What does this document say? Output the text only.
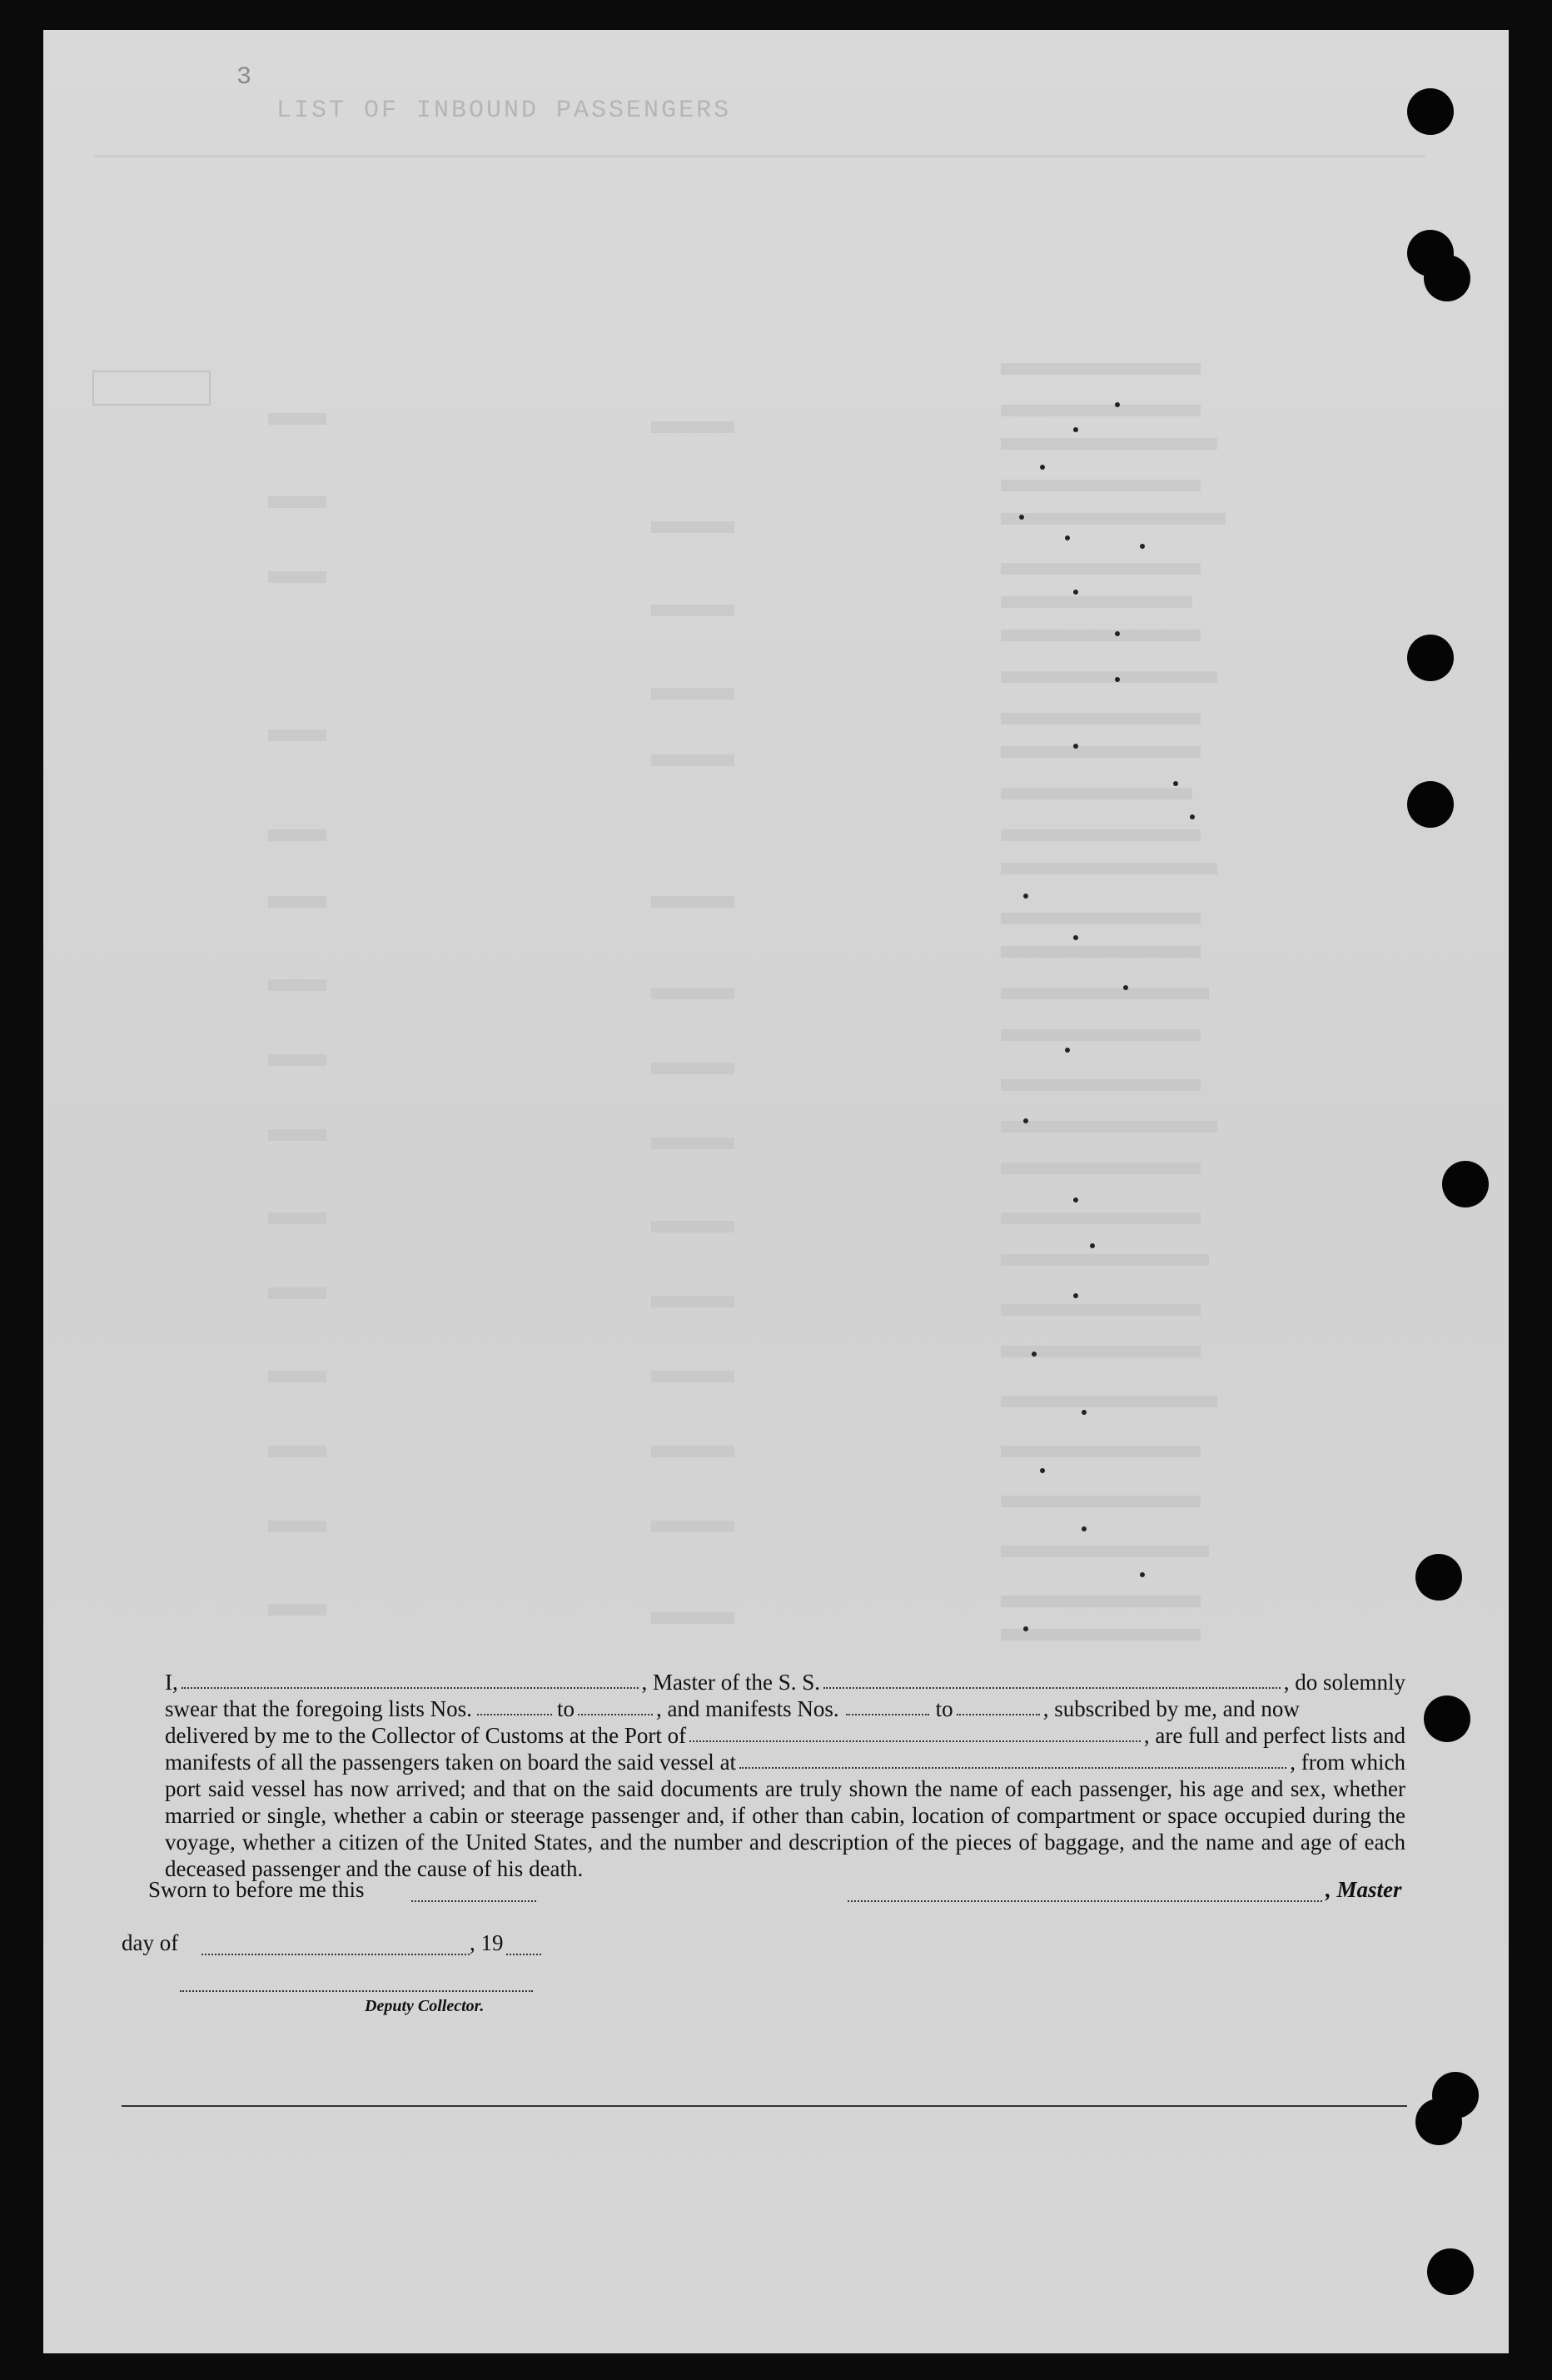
3
LIST OF INBOUND PASSENGERS
I,	, Master of the S. S.	, do solemnly
swear that the foregoing lists Nos.	to	, and manifests Nos.	to	, subscribed by me, and now
delivered by me to the Collector of Customs at the Port of	, are full and perfect lists and
manifests of all the passengers taken on board the said vessel at	, from which
port said vessel has now arrived; and that on the said documents are truly shown the name of each passenger, his age and sex, whether married or single, whether a cabin or steerage passenger and, if other than cabin, location of compartment or space occupied during the voyage, whether a citizen of the United States, and the number and description of the pieces of baggage, and the name and age of each deceased passenger and the cause of his death.
Sworn to before me this	, Master
day of	, 19
Deputy Collector.
